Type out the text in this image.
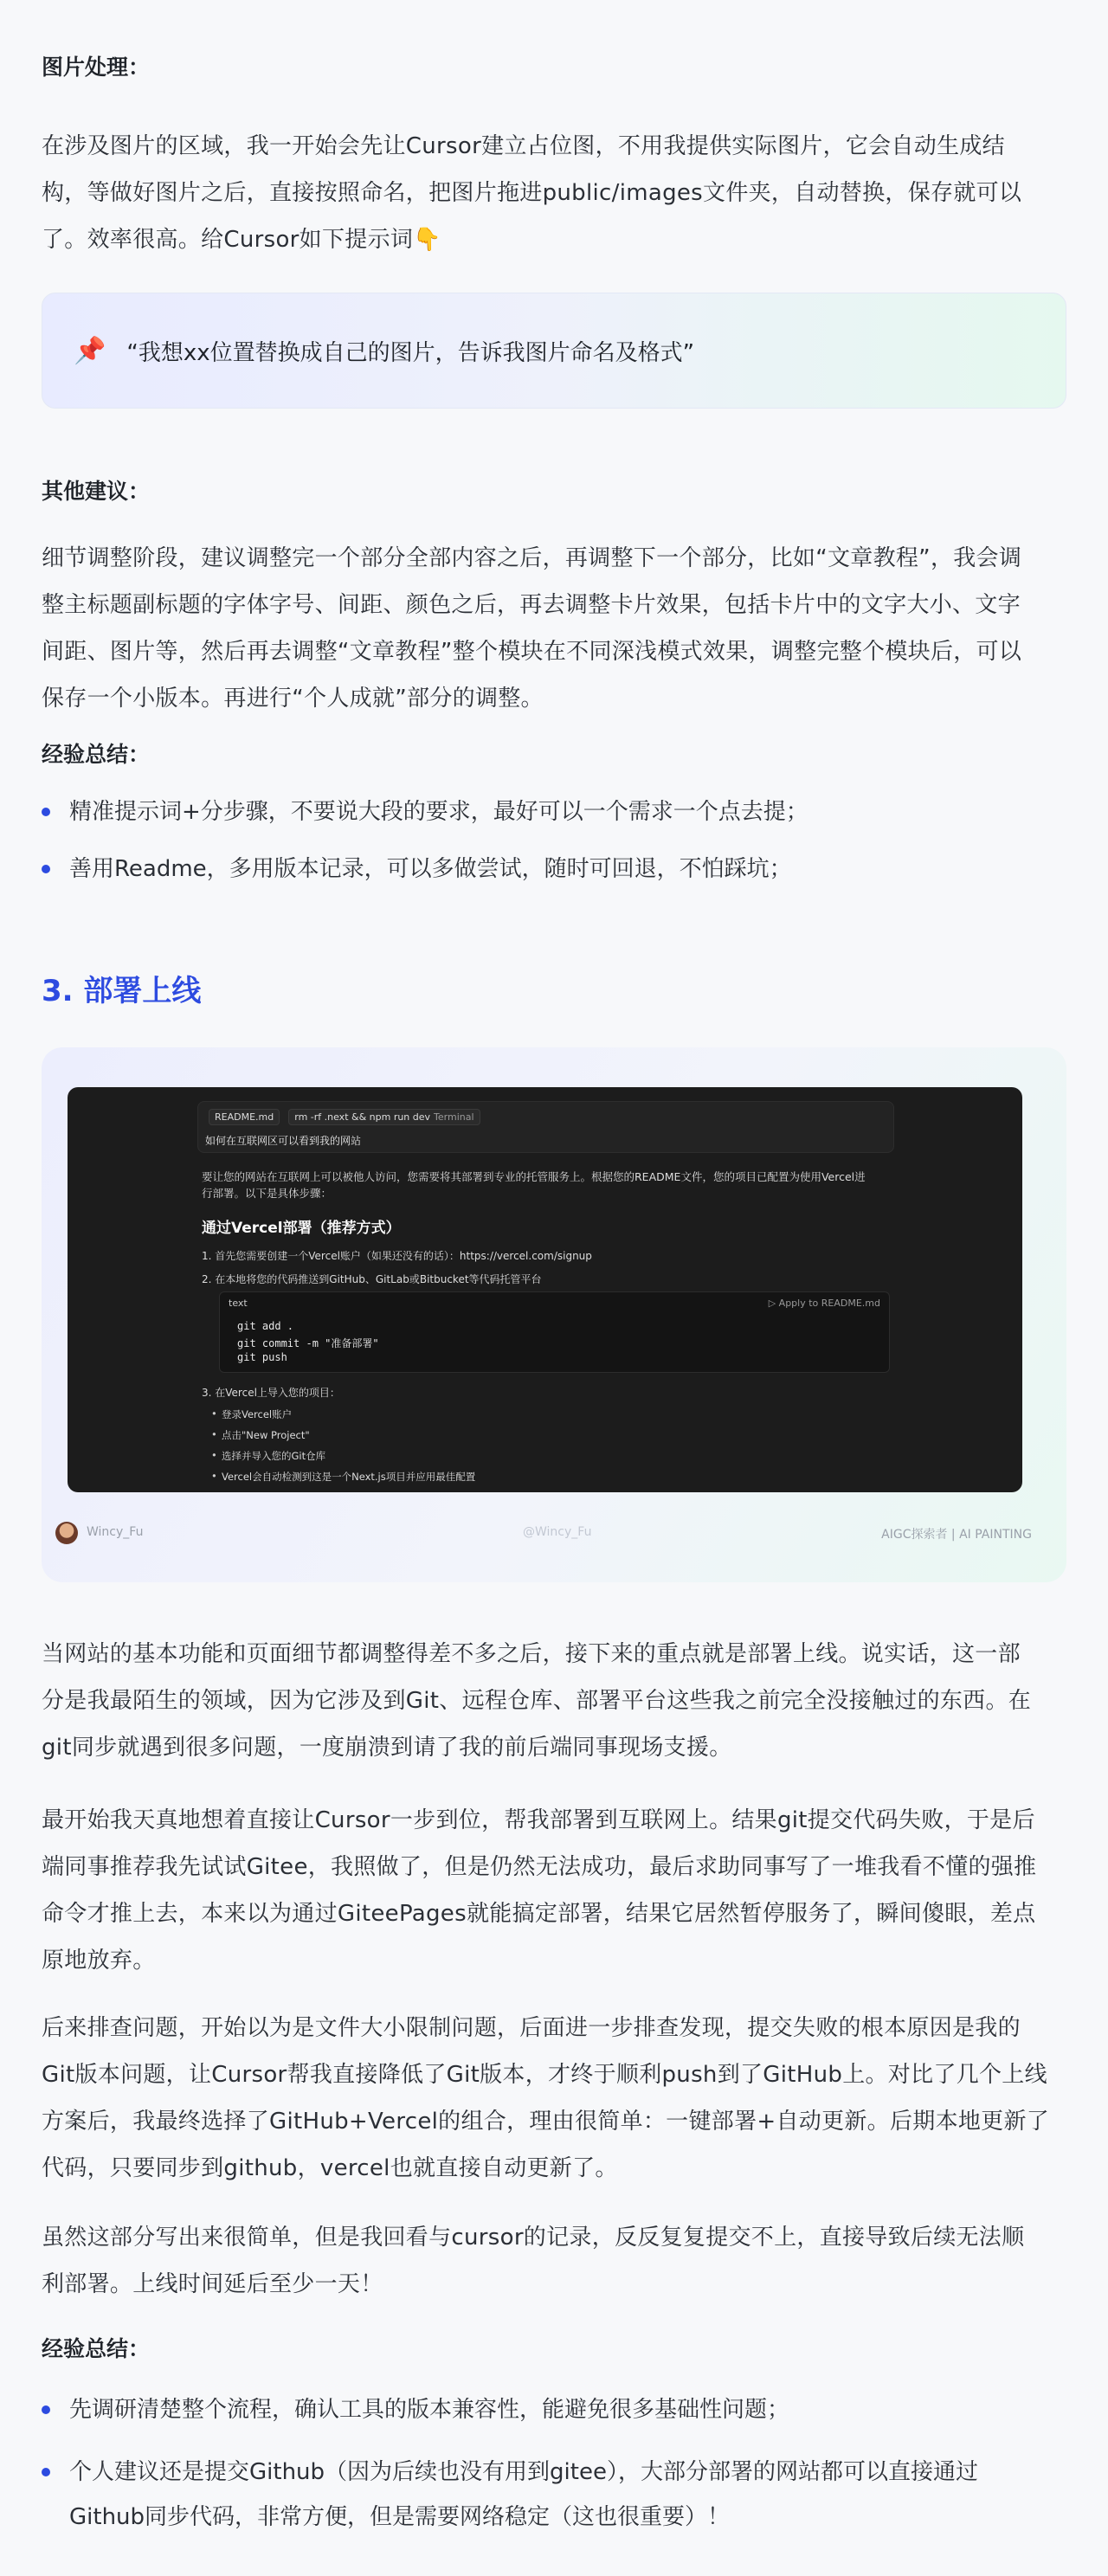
图片处理：
在涉及图片的区域，我一开始会先让Cursor建立占位图，不用我提供实际图片，它会自动生成结
构，等做好图片之后，直接按照命名，把图片拖进public/images文件夹，自动替换，保存就可以
了。效率很高。给Cursor如下提示词👇
📌 “我想xx位置替换成自己的图片，告诉我图片命名及格式”
其他建议：
细节调整阶段，建议调整完一个部分全部内容之后，再调整下一个部分，比如“文章教程”，我会调
整主标题副标题的字体字号、间距、颜色之后，再去调整卡片效果，包括卡片中的文字大小、文字
间距、图片等，然后再去调整“文章教程”整个模块在不同深浅模式效果，调整完整个模块后，可以
保存一个小版本。再进行“个人成就”部分的调整。
经验总结：
精准提示词+分步骤，不要说大段的要求，最好可以一个需求一个点去提；
善用Readme，多用版本记录，可以多做尝试，随时可回退，不怕踩坑；
3. 部署上线
README.md	rm -rf .next && npm run dev Terminal
如何在互联网区可以看到我的网站
要让您的网站在互联网上可以被他人访问，您需要将其部署到专业的托管服务上。根据您的README文件，您的项目已配置为使用Vercel进
行部署。以下是具体步骤：
通过Vercel部署（推荐方式）
1. 首先您需要创建一个Vercel账户（如果还没有的话）：https://vercel.com/signup
2. 在本地将您的代码推送到GitHub、GitLab或Bitbucket等代码托管平台
text	▷ Apply to README.md
git add .
git commit -m "准备部署"
git push
3. 在Vercel上导入您的项目：
• 登录Vercel账户
• 点击"New Project"
• 选择并导入您的Git仓库
• Vercel会自动检测到这是一个Next.js项目并应用最佳配置
Wincy_Fu	@Wincy_Fu	AIGC探索者 | AI PAINTING
当网站的基本功能和页面细节都调整得差不多之后，接下来的重点就是部署上线。说实话，这一部
分是我最陌生的领域，因为它涉及到Git、远程仓库、部署平台这些我之前完全没接触过的东西。在
git同步就遇到很多问题，一度崩溃到请了我的前后端同事现场支援。
最开始我天真地想着直接让Cursor一步到位，帮我部署到互联网上。结果git提交代码失败，于是后
端同事推荐我先试试Gitee，我照做了，但是仍然无法成功，最后求助同事写了一堆我看不懂的强推
命令才推上去，本来以为通过GiteePages就能搞定部署，结果它居然暂停服务了，瞬间傻眼，差点
原地放弃。
后来排查问题，开始以为是文件大小限制问题，后面进一步排查发现，提交失败的根本原因是我的
Git版本问题，让Cursor帮我直接降低了Git版本，才终于顺利push到了GitHub上。对比了几个上线
方案后，我最终选择了GitHub+Vercel的组合，理由很简单：一键部署+自动更新。后期本地更新了
代码，只要同步到github，vercel也就直接自动更新了。
虽然这部分写出来很简单，但是我回看与cursor的记录，反反复复提交不上，直接导致后续无法顺
利部署。上线时间延后至少一天！
经验总结：
先调研清楚整个流程，确认工具的版本兼容性，能避免很多基础性问题；
个人建议还是提交Github（因为后续也没有用到gitee），大部分部署的网站都可以直接通过
Github同步代码，非常方便，但是需要网络稳定（这也很重要）！
